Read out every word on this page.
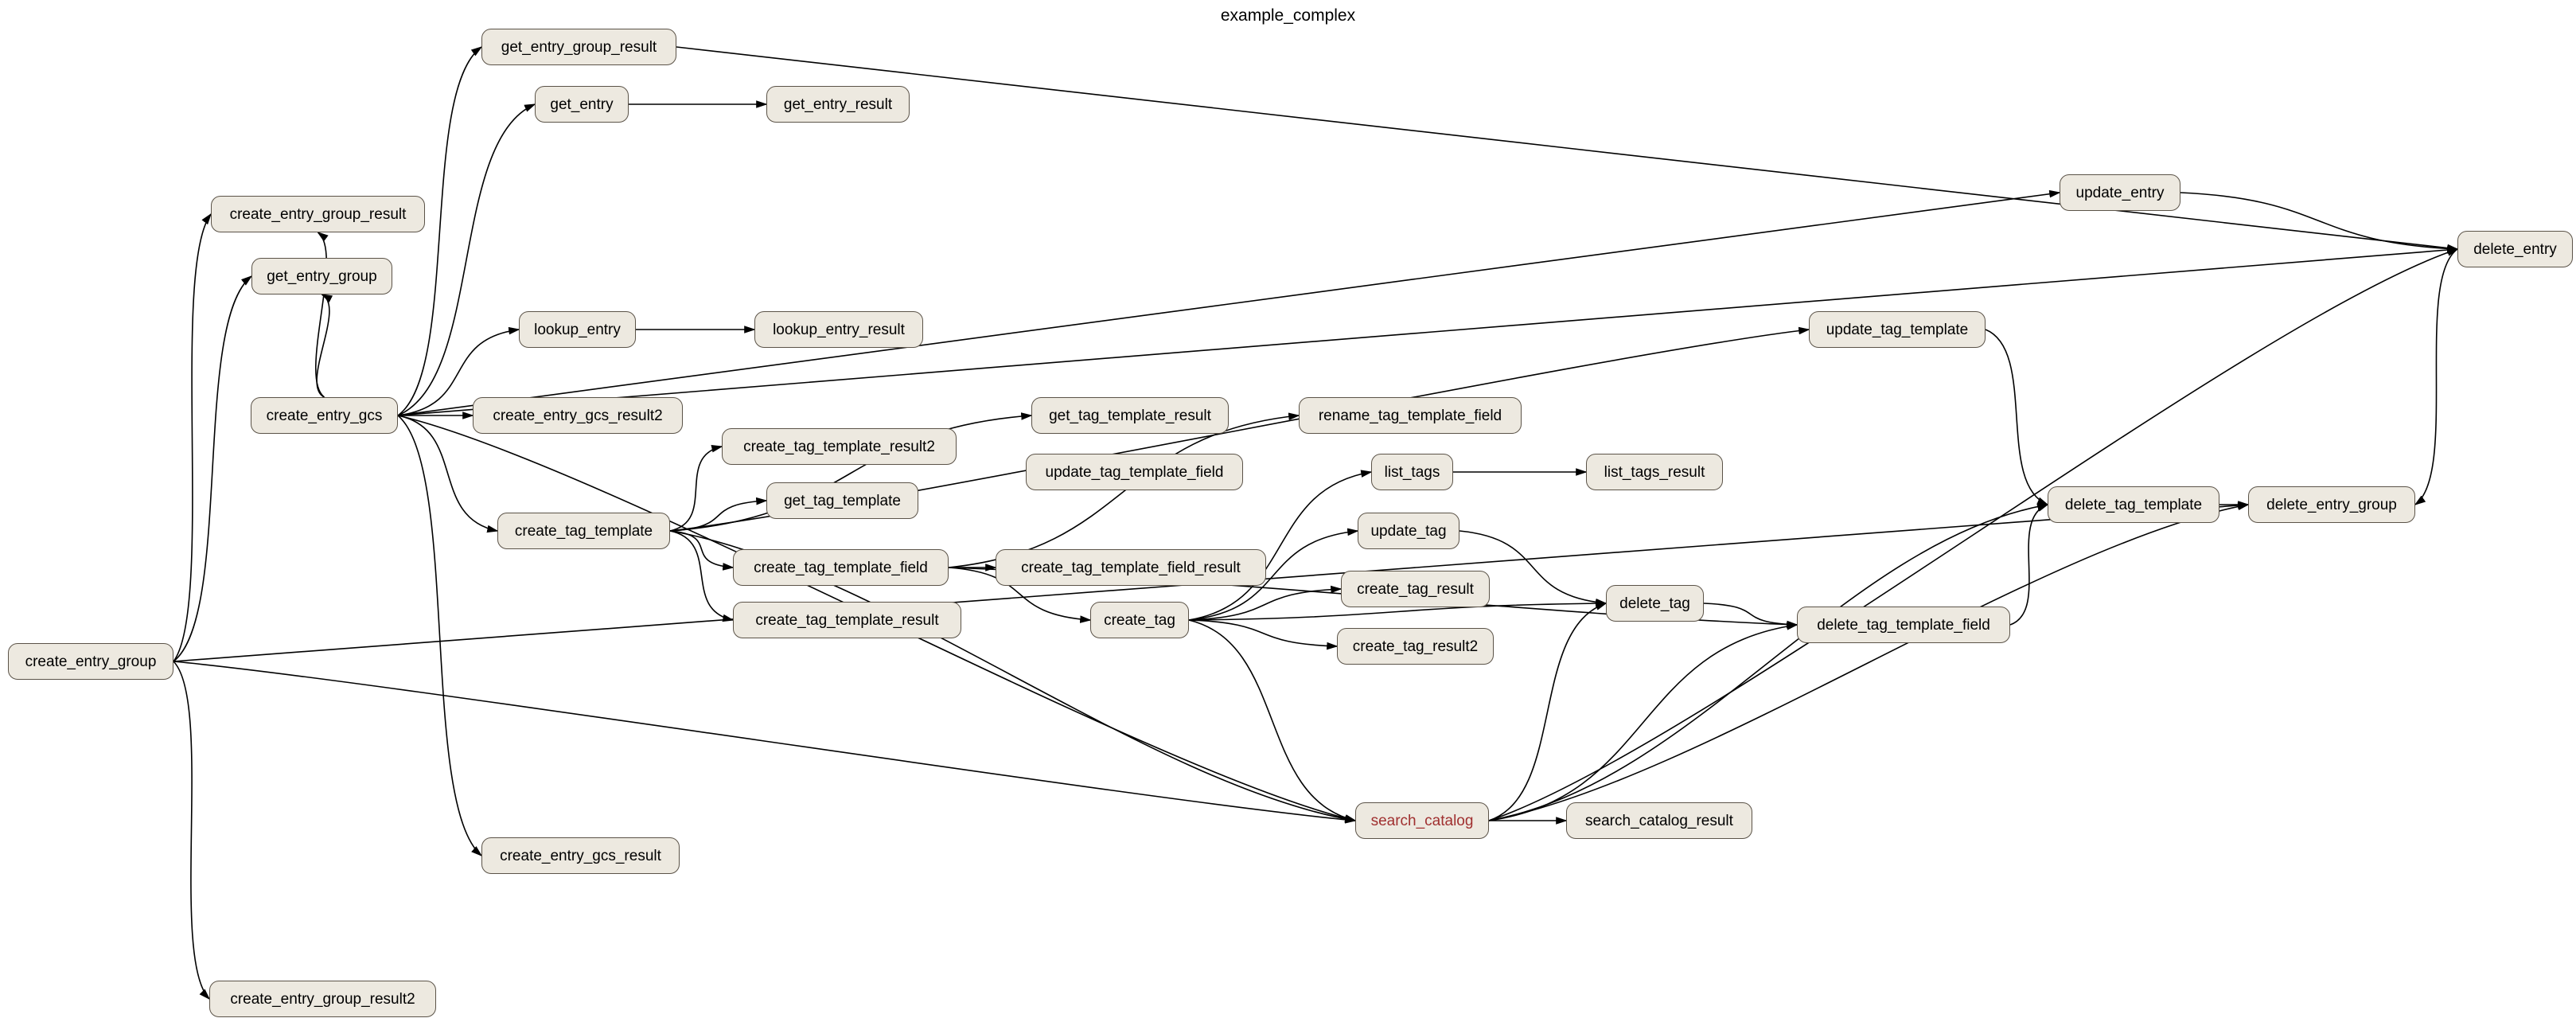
example_complex
get_entry_group_result
get_entry	get_entry_result
create_entry_group_result
update_entry
delete_entry
get_entry_group
lookup_entry	lookup_entry_result	update_tag_template
create_entry_gcs	create_entry_gcs_result2	get_tag_template_result	rename_tag_template_field
create_tag_template_result2
update_tag_template_field	list_tags	list_tags_result
get_tag_template	delete_tag_template	delete_entry_group
create_tag_template	update_tag
create_tag_template_field	create_tag_template_field_result
create_tag_result
delete_tag
create_tag_template_result	create_tag
create_tag_result2
delete_tag_template_field
create_entry_group
search_catalog	search_catalog_result
create_entry_gcs_result
create_entry_group_result2
